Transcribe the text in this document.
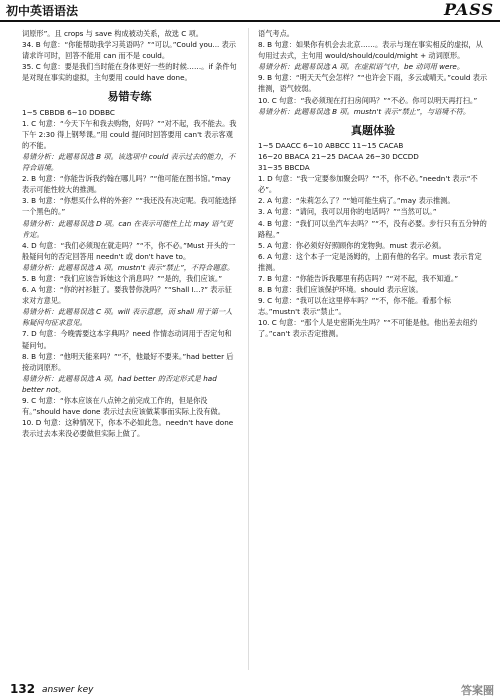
初中英语语法	PASS
词原形”。且 crops 与 save 构成被动关系，故选 C 项。
34. B 句意：“你能帮助我学习英语吗？”“可以。”Could you... 表示请求许可时，回答不能用 can 而不是 could。
35. C 句意：要是我们当时能在身体更好一些的时候……。if 条件句是对现在事实的虚拟，主句要用 could have done。
易错专练
1~5 CBBDB 6~10 DDBBC
1. C 句意：“今天下午和我去购物，好吗？”“对不起，我不能去。我下午 2:30 得上钢琴课。”用 could 提问时回答要用 can't 表示客观的不能。
易错分析：此题易误选 B 项。该选项中 could 表示过去的能力，不符合语境。
2. B 句意：“你能告诉我约翰在哪儿吗？”“他可能在图书馆。”may 表示可能性较大的推测。
3. B 句意：“你想买什么样的外套？”“我还没有决定呢。我可能选择一个黑色的。”
易错分析：此题易误选 D 项。can 在表示可能性上比 may 语气更肯定。
4. D 句意：“我们必须现在就走吗？”“不，你不必。”Must 开头的一般疑问句的否定回答用 needn't 或 don't have to。
易错分析：此题易误选 A 项。mustn't 表示“禁止”，不符合题意。
5. B 句意：“我们应该告诉她这个消息吗？”“是的，我们应该。”
6. A 句意：“你的衬衫脏了。要我替你洗吗？”“Shall I...?” 表示征求对方意见。
易错分析：此题易误选 C 项。will 表示意愿，而 shall 用于第一人称疑问句征求意见。
7. D 句意：今晚需要这本字典吗？need 作情态动词用于否定句和疑问句。
8. B 句意：“他明天能来吗？”“不，他最好不要来。”had better 后接动词原形。
易错分析：此题易误选 A 项。had better 的否定形式是 had better not。
9. C 句意：“你本应该在八点钟之前完成工作的，但是你没有。”should have done 表示过去应该做某事而实际上没有做。
10. D 句意：这种情况下，你本不必如此急。needn't have done 表示过去本来没必要做但实际上做了。
语气考点。
8. B 句意：如果你有机会去北京……。表示与现在事实相反的虚拟，从句用过去式，主句用 would/should/could/might + 动词原形。
易错分析：此题易误选 A 项。在虚拟语气中，be 动词用 were。
9. B 句意：“明天天气会怎样？”“也许会下雨，多云或晴天。”could 表示推测，语气较弱。
10. C 句意：“我必须现在打扫房间吗？”“不必。你可以明天再打扫。”
易错分析：此题易误选 B 项。mustn't 表示“禁止”，与语境不符。
真题体验
1~5 DAACC 6~10 ABBCC 11~15 CACAB
16~20 BBACA 21~25 DACAA 26~30 DCCDD
31~35 BBCDA
1. D 句意：“我一定要参加聚会吗？”“不，你不必。”needn't 表示“不必”。
2. A 句意：“朱莉怎么了？”“她可能生病了。”may 表示推测。
3. A 句意：“请问，我可以用你的电话吗？”“当然可以。”
4. B 句意：“我们可以坐汽车去吗？”“不，没有必要。步行只有五分钟的路程。”
5. A 句意：你必须好好照顾你的宠物狗。must 表示必须。
6. A 句意：这个本子一定是汤姆的，上面有他的名字。must 表示肯定推测。
7. B 句意：“你能告诉我哪里有药店吗？”“对不起，我不知道。”
8. B 句意：我们应该保护环境。should 表示应该。
9. C 句意：“我可以在这里停车吗？”“不，你不能。看那个标志。”mustn't 表示“禁止”。
10. C 句意：“那个人是史密斯先生吗？”“不可能是他。他出差去纽约了。”can't 表示否定推测。
132 answer key	答案圈
